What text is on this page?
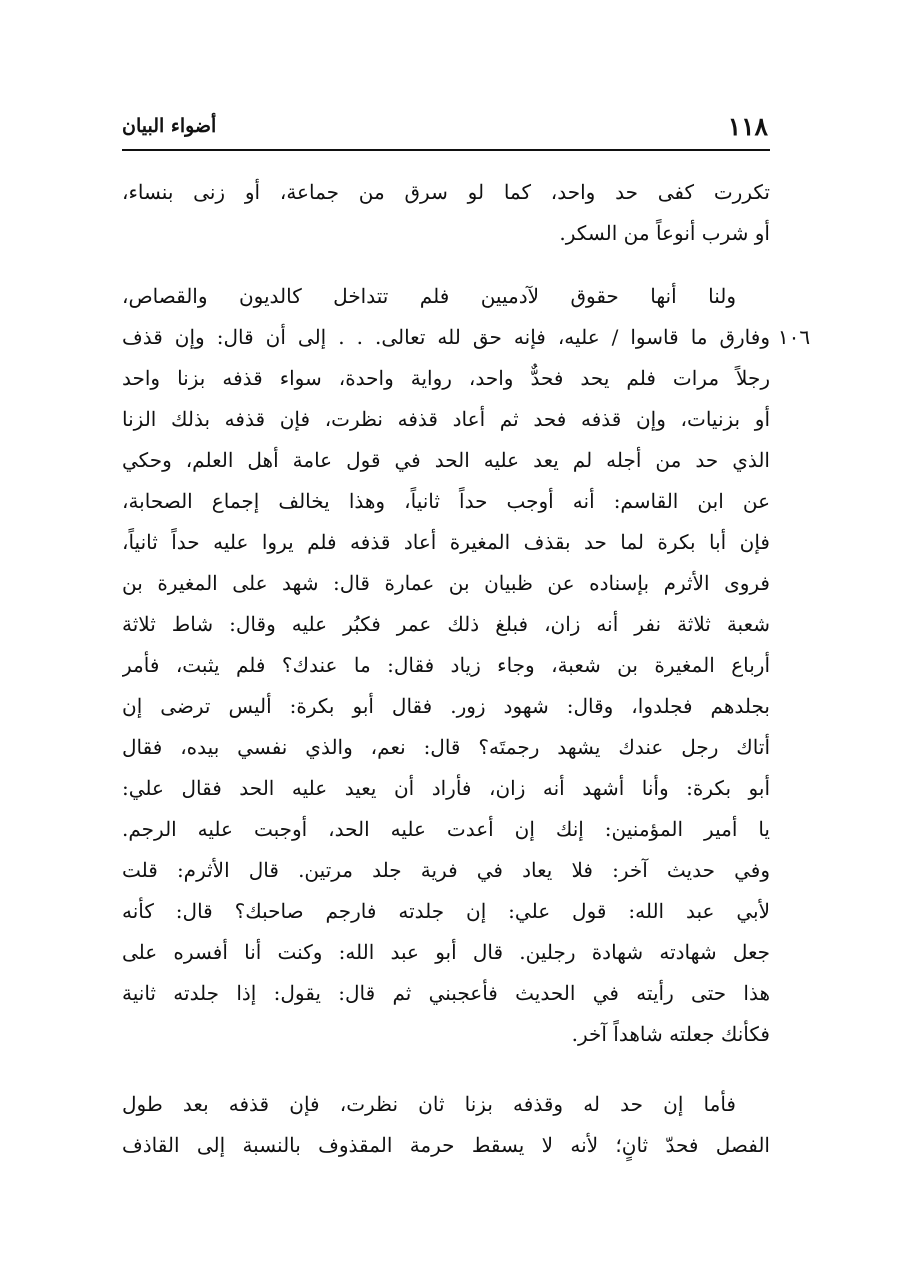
١١٨
أضواء البيان
تكررت كفى حد واحد، كما لو سرق من جماعة، أو زنى بنساء،
أو شرب أنوعاً من السكر.
ولنا أنها حقوق لآدميين فلم تتداخل كالديون والقصاص،
وفارق ما قاسوا / عليه، فإنه حق لله تعالى. . . إلى أن قال: وإن قذف
رجلاً مرات فلم يحد فحدٌّ واحد، رواية واحدة، سواء قذفه بزنا واحد
أو بزنيات، وإن قذفه فحد ثم أعاد قذفه نظرت، فإن قذفه بذلك الزنا
الذي حد من أجله لم يعد عليه الحد في قول عامة أهل العلم، وحكي
عن ابن القاسم: أنه أوجب حداً ثانياً، وهذا يخالف إجماع الصحابة،
فإن أبا بكرة لما حد بقذف المغيرة أعاد قذفه فلم يروا عليه حداً ثانياً،
فروى الأثرم بإسناده عن ظبيان بن عمارة قال: شهد على المغيرة بن
شعبة ثلاثة نفر أنه زان، فبلغ ذلك عمر فكبُر عليه وقال: شاط ثلاثة
أرباع المغيرة بن شعبة، وجاء زياد فقال: ما عندك؟ فلم يثبت، فأمر
بجلدهم فجلدوا، وقال: شهود زور. فقال أبو بكرة: أليس ترضى إن
أتاك رجل عندك يشهد رجمتَه؟ قال: نعم، والذي نفسي بيده، فقال
أبو بكرة: وأنا أشهد أنه زان، فأراد أن يعيد عليه الحد فقال علي:
يا أمير المؤمنين: إنك إن أعدت عليه الحد، أوجبت عليه الرجم.
وفي حديث آخر: فلا يعاد في فرية جلد مرتين. قال الأثرم: قلت
لأبي عبد الله: قول علي: إن جلدته فارجم صاحبك؟ قال: كأنه
جعل شهادته شهادة رجلين. قال أبو عبد الله: وكنت أنا أفسره على
هذا حتى رأيته في الحديث فأعجبني ثم قال: يقول: إذا جلدته ثانية
فكأنك جعلته شاهداً آخر.
١٠٦
فأما إن حد له وقذفه بزنا ثان نظرت، فإن قذفه بعد طول
الفصل فحدّ ثانٍ؛ لأنه لا يسقط حرمة المقذوف بالنسبة إلى القاذف
